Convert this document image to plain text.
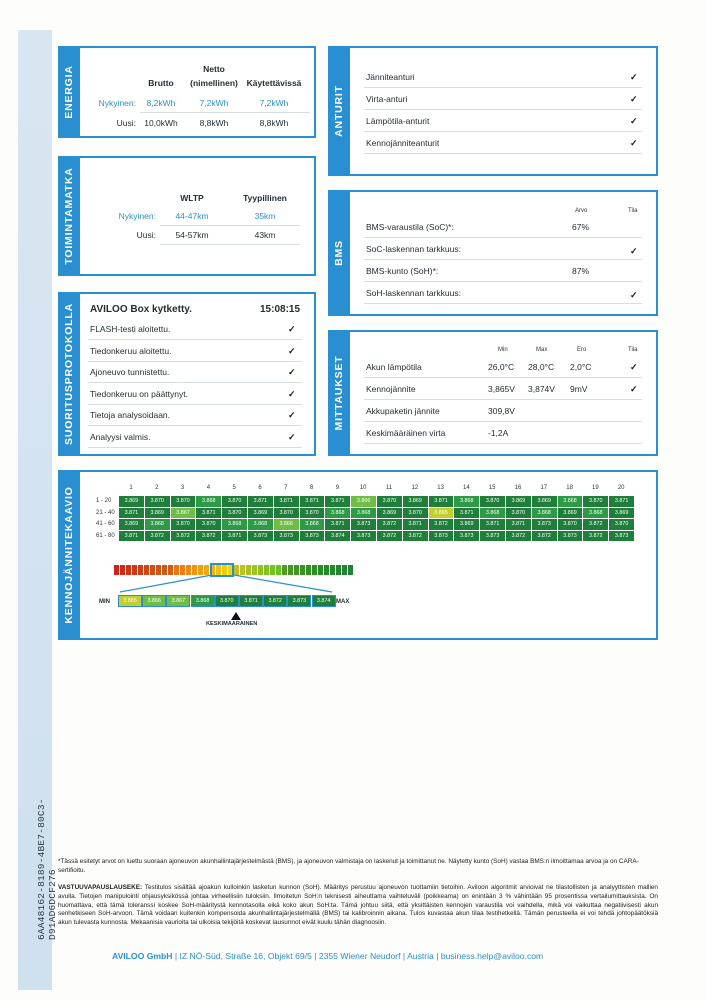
6AA48162-8189-4BE7-80C3-D91AD6DCF276
ENERGIA	Brutto
Netto
(nimellinen)	Käytettävissä
Nykyinen:	8,2kWh	7,2kWh	7,2kWh
Uusi: 10,0kWh	8,8kWh	8,8kWh
TOIMINTAMATKA	WLTP	Tyypillinen
Nykyinen:	44-47km	35km
Uusi:	54-57km	43km
SUORITUSPROTOKOLLA AVILOO Box kytketty.	15:08:15
FLASH-testi aloitettu.	✓
Tiedonkeruu aloitettu.	✓
Ajoneuvo tunnistettu.	✓
Tiedonkeruu on päättynyt.	✓
Tietoja analysoidaan.	✓
Analyysi valmis.	✓
ANTURIT
Jänniteanturi	✓
Virta-anturi	✓
Lämpötila-anturit	✓
Kennojänniteanturit	✓
BMS
Arvo	Tila
BMS-varaustila (SoC)*:	67%
SoC-laskennan tarkkuus:	✓
BMS-kunto (SoH)*:	87%
SoH-laskennan tarkkuus:	✓
MITTAUKSET
Min	Max	Ero	Tila
Akun lämpötila	26,0°C 28,0°C 2,0°C	✓
Kennojännite	3,865V 3,874V 9mV	✓
Akkupaketin jännite	309,8V
Keskimääräinen virta	-1,2A
KENNOJÄNNITEKAAVIO	1	2	3	4	5	6	7	8	9	10	11	12	13	14	15	16	17	18	19	20
1 - 20	3.869	3.870	3.870	3.868	3.870	3.871	3.871	3.871	3.871	3.866	3.870	3.869	3.871	3.868	3.870	3.869	3.869	3.868	3.870	3.871
21 - 40	3.871	3.869	3.867	3.871	3.870	3.869	3.870	3.870	3.868	3.868	3.869	3.870	3.865	3.871	3.868	3.870	3.868	3.869	3.868	3.869
41 - 60	3.869	3.868	3.870	3.870	3.868	3.868	3.866	3.868	3.871	3.873	3.872	3.871	3.872	3.869	3.871	3.871	3.873	3.870	3.872	3.870
61 - 80	3.871	3.872	3.872	3.872	3.871	3.873	3.873	3.873	3.874	3.873	3.872	3.872	3.873	3.873	3.873	3.872	3.872	3.873	3.872	3.873
MIN	3.865	3.866	3.867	3.868	3.870	3.871	3.872	3.873	3.874 MAX
KESKIMAARAINEN
*Tässä esitetyt arvot on luettu suoraan ajoneuvon akunhallintajärjestelmästä (BMS), ja ajoneuvon valmistaja on laskenut ja toimittanut ne. Näytetty kunto (SoH) vastaa BMS:n ilmoittamaa arvoa ja on CARA-sertifioitu.
VASTUUVAPAUSLAUSEKE: Testitulos sisältää ajoakun kulloinkin lasketun kunnon (SoH). Määritys perustuu ajoneuvon tuottamiin tietoihin. Aviloon algoritmit arvioivat ne tilastollisten ja analyyttisten mallien avulla. Tietojen manipulointi ohjausyksikössä johtaa virheellisiin tuloksiin. Ilmoitetun SoH:n teknisesti aiheuttama vaihteluväli (poikkeama) on enintään 3 % vähintään 95 prosentissa vertailumittauksista. On huomattava, että tämä toleranssi koskee SoH-määritystä kennotasolla eikä koko akun SoH:ta. Tämä johtuu siitä, että yksittäisten kennojen varaustila voi vaihdella, mikä voi vaikuttaa negatiivisesti akun senhetkiseen SoH-arvoon. Tämä voidaan kuitenkin kompensoida akunhallintajärjestelmällä (BMS) tai kalibroinnin aikana. Tulos kuvastaa akun tilaa testihetkellä. Tämän perusteella ei voi tehdä johtopäätöksiä akun tulevasta kunnosta. Mekaanisia vaurioita tai ulkoisia tekijöitä koskevat lausunnot eivät kuulu tähän diagnoosiin.
AVILOO GmbH | IZ NÖ-Süd, Straße 16, Objekt 69/5 | 2355 Wiener Neudorf | Austria | business.help@aviloo.com
